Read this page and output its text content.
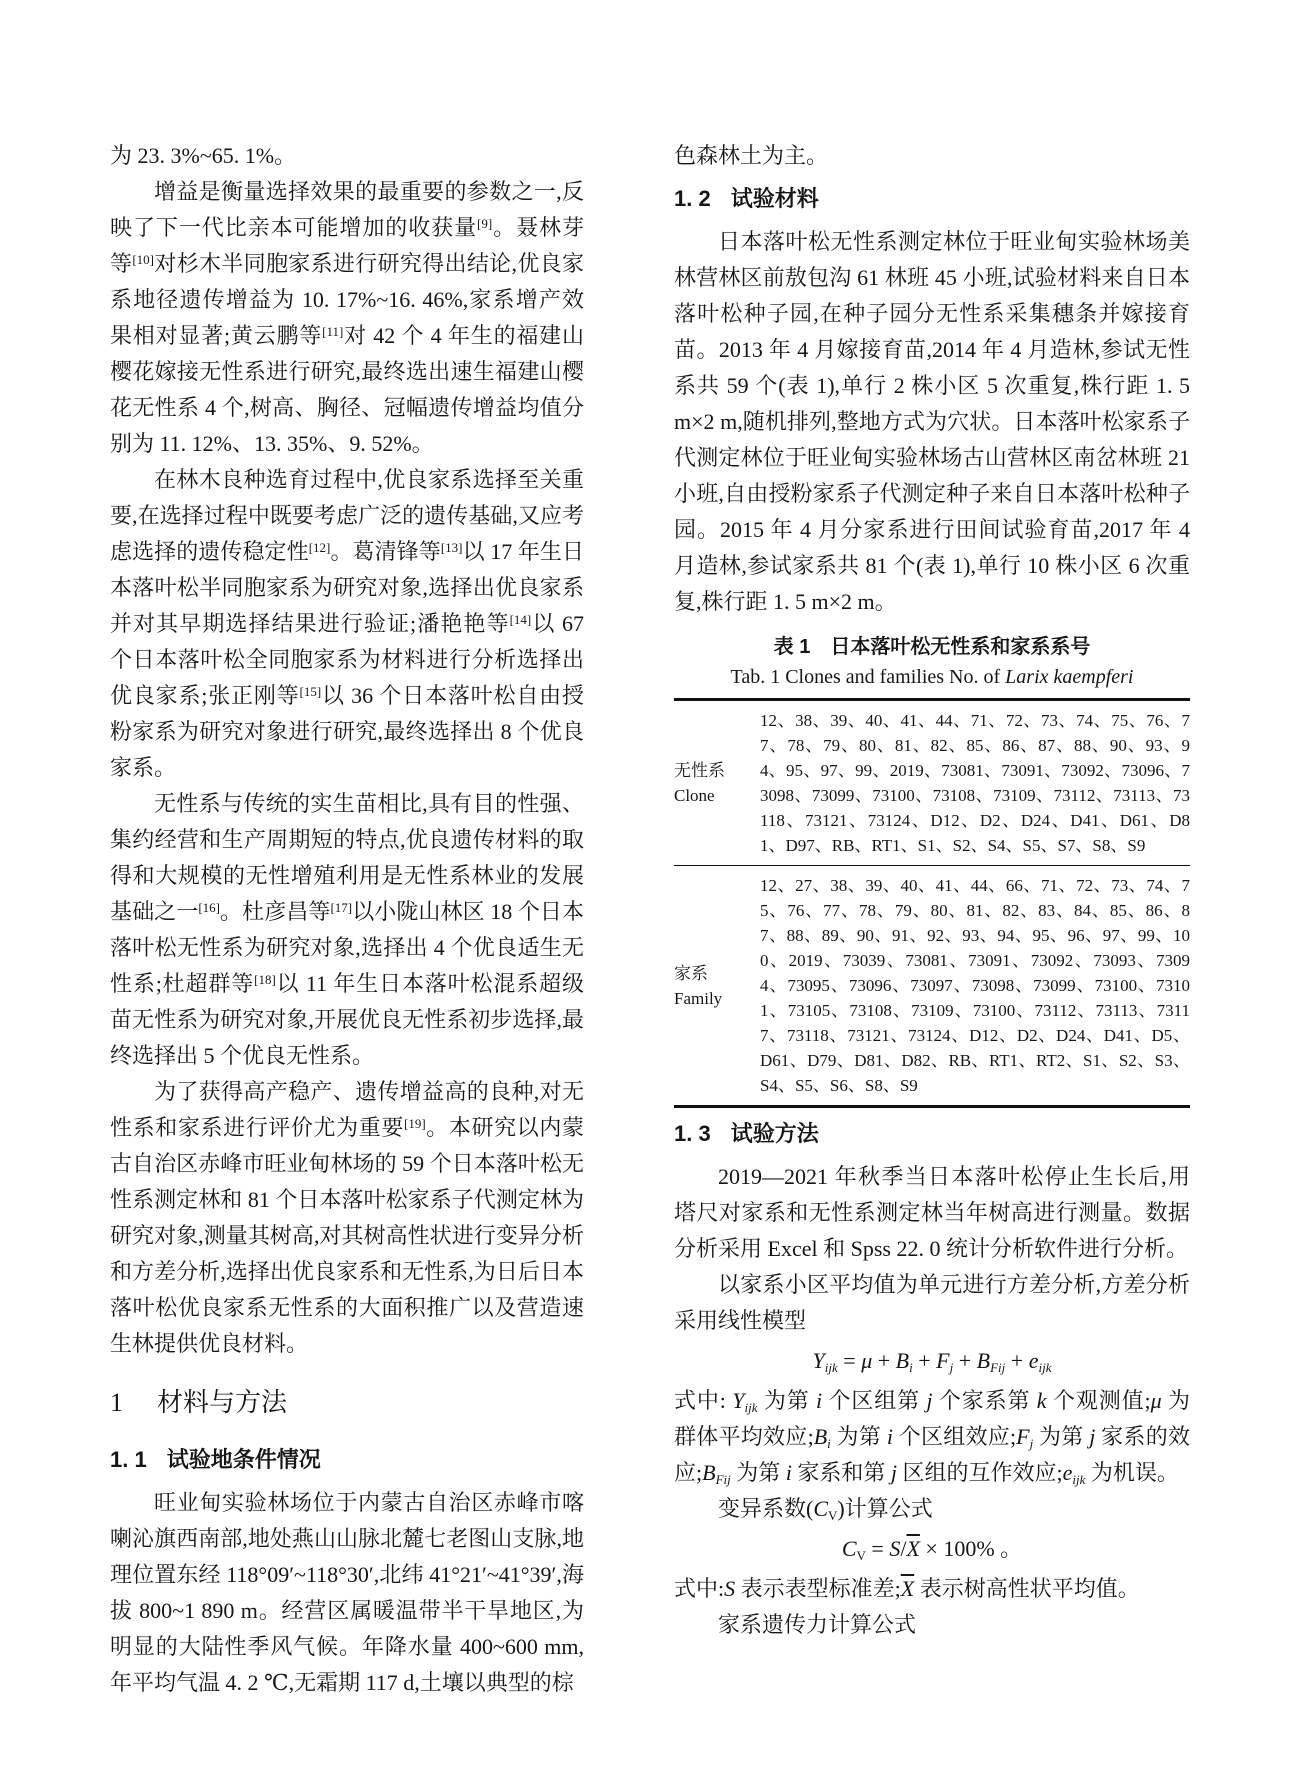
为 23. 3%~65. 1%。

增益是衡量选择效果的最重要的参数之一,反映了下一代比亲本可能增加的收获量[9]。聂林芽等[10]对杉木半同胞家系进行研究得出结论,优良家系地径遗传增益为 10. 17%~16. 46%,家系增产效果相对显著;黄云鹏等[11]对 42 个 4 年生的福建山樱花嫁接无性系进行研究,最终选出速生福建山樱花无性系 4 个,树高、胸径、冠幅遗传增益均值分别为 11. 12%、13. 35%、9. 52%。

在林木良种选育过程中,优良家系选择至关重要,在选择过程中既要考虑广泛的遗传基础,又应考虑选择的遗传稳定性[12]。葛清锋等[13]以 17 年生日本落叶松半同胞家系为研究对象,选择出优良家系并对其早期选择结果进行验证;潘艳艳等[14]以 67 个日本落叶松全同胞家系为材料进行分析选择出优良家系;张正刚等[15]以 36 个日本落叶松自由授粉家系为研究对象进行研究,最终选择出 8 个优良家系。

无性系与传统的实生苗相比,具有目的性强、集约经营和生产周期短的特点,优良遗传材料的取得和大规模的无性增殖利用是无性系林业的发展基础之一[16]。杜彦昌等[17]以小陇山林区 18 个日本落叶松无性系为研究对象,选择出 4 个优良适生无性系;杜超群等[18]以 11 年生日本落叶松混系超级苗无性系为研究对象,开展优良无性系初步选择,最终选择出 5 个优良无性系。

为了获得高产稳产、遗传增益高的良种,对无性系和家系进行评价尤为重要[19]。本研究以内蒙古自治区赤峰市旺业甸林场的 59 个日本落叶松无性系测定林和 81 个日本落叶松家系子代测定林为研究对象,测量其树高,对其树高性状进行变异分析和方差分析,选择出优良家系和无性系,为日后日本落叶松优良家系无性系的大面积推广以及营造速生林提供优良材料。

1 材料与方法
1. 1 试验地条件情况

旺业甸实验林场位于内蒙古自治区赤峰市喀喇沁旗西南部,地处燕山山脉北麓七老图山支脉,地理位置东经 118°09′~118°30′,北纬 41°21′~41°39′,海拔 800~1 890 m。经营区属暖温带半干旱地区,为明显的大陆性季风气候。年降水量 400~600 mm,年平均气温 4. 2 ℃,无霜期 117 d,土壤以典型的棕

色森林土为主。

1. 2 试验材料

日本落叶松无性系测定林位于旺业甸实验林场美林营林区前敖包沟 61 林班 45 小班,试验材料来自日本落叶松种子园,在种子园分无性系采集穗条并嫁接育苗。2013 年 4 月嫁接育苗,2014 年 4 月造林,参试无性系共 59 个(表 1),单行 2 株小区 5 次重复,株行距 1. 5 m×2 m,随机排列,整地方式为穴状。日本落叶松家系子代测定林位于旺业甸实验林场古山营林区南岔林班 21 小班,自由授粉家系子代测定种子来自日本落叶松种子园。2015 年 4 月分家系进行田间试验育苗,2017 年 4 月造林,参试家系共 81 个(表 1),单行 10 株小区 6 次重复,株行距 1. 5 m×2 m。

表 1　日本落叶松无性系和家系系号
Tab. 1 Clones and families No. of Larix kaempferi
无性系
Clone
12、38、39、40、41、44、71、72、73、74、75、76、77、78、79、80、81、82、85、86、87、88、90、93、94、95、97、99、2019、73081、73091、73092、73096、73098、73099、73100、73108、73109、73112、73113、73118、73121、73124、D12、D2、D24、D41、D61、D81、D97、RB、RT1、S1、S2、S4、S5、S7、S8、S9
家系
Family
12、27、38、39、40、41、44、66、71、72、73、74、75、76、77、78、79、80、81、82、83、84、85、86、87、88、89、90、91、92、93、94、95、96、97、99、100、2019、73039、73081、73091、73092、73093、73094、73095、73096、73097、73098、73099、73100、73101、73105、73108、73109、73100、73112、73113、73117、73118、73121、73124、D12、D2、D24、D41、D5、D61、D79、D81、D82、RB、RT1、RT2、S1、S2、S3、S4、S5、S6、S8、S9
1. 3 试验方法

2019—2021 年秋季当日本落叶松停止生长后,用塔尺对家系和无性系测定林当年树高进行测量。数据分析采用 Excel 和 Spss 22. 0 统计分析软件进行分析。

以家系小区平均值为单元进行方差分析,方差分析采用线性模型

$Y_{ijk} = \mu + B_i + F_j + B_{Fij} + e_{ijk}$

式中: $Y_{ijk}$ 为第 i 个区组第 j 个家系第 k 个观测值;μ 为群体平均效应$;B_i$ 为第 i 个区组效应$;F_j$ 为第 j 家系的效应$;B_{Fij}$ 为第 i 家系和第 j 区组的互作效应$;e_{ijk}$ 为机误。

变异系数$(C_V)$计算公式

$C_V = S/\overline{X} \times 100\%$ 。

式中:S 表示表型标准差$;\overline{X}$ 表示树高性状平均值。

家系遗传力计算公式
